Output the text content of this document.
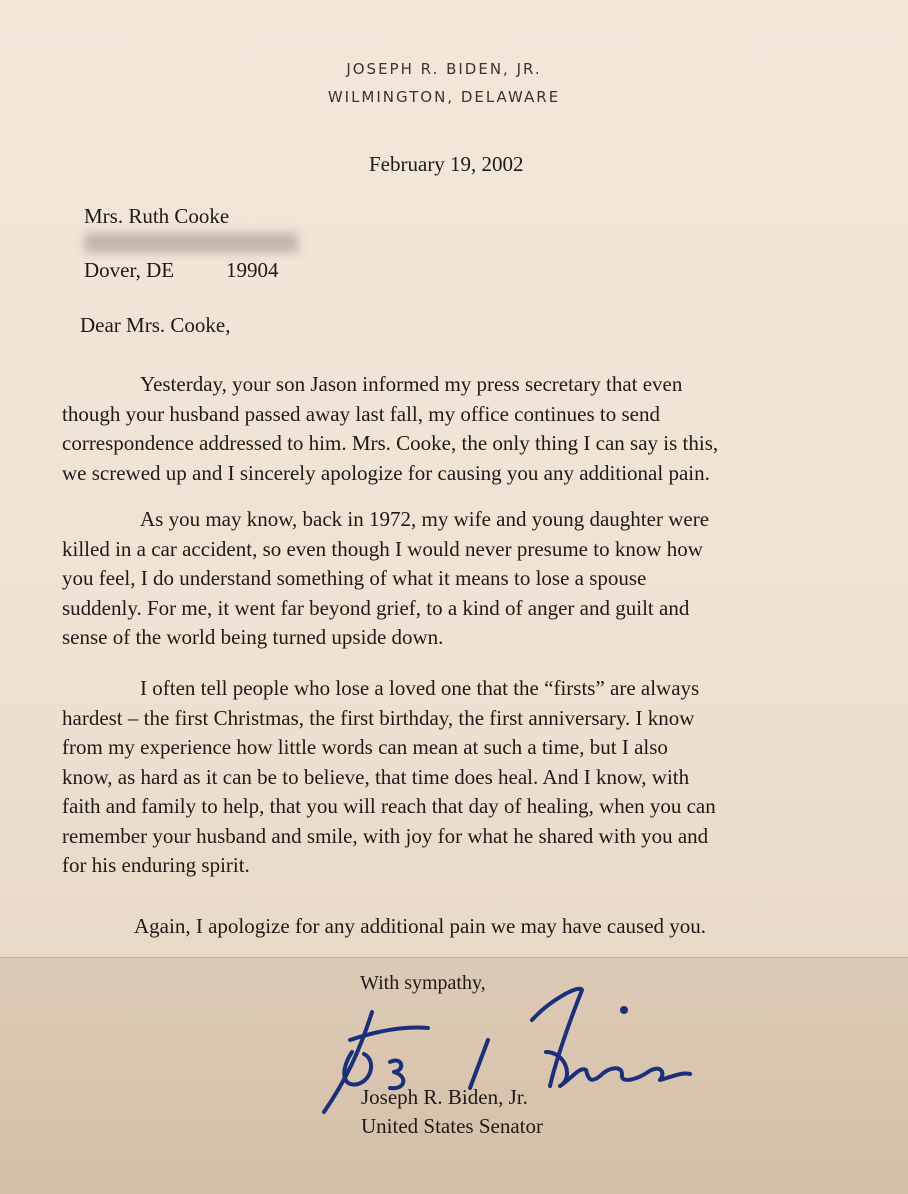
JOSEPH R. BIDEN, JR.
WILMINGTON, DELAWARE
February 19, 2002
Mrs. Ruth Cooke
Dover, DE 19904
Dear Mrs. Cooke,
Yesterday, your son Jason informed my press secretary that even
though your husband passed away last fall, my office continues to send
correspondence addressed to him. Mrs. Cooke, the only thing I can say is this,
we screwed up and I sincerely apologize for causing you any additional pain.
As you may know, back in 1972, my wife and young daughter were
killed in a car accident, so even though I would never presume to know how
you feel, I do understand something of what it means to lose a spouse
suddenly. For me, it went far beyond grief, to a kind of anger and guilt and
sense of the world being turned upside down.
I often tell people who lose a loved one that the “firsts” are always
hardest – the first Christmas, the first birthday, the first anniversary. I know
from my experience how little words can mean at such a time, but I also
know, as hard as it can be to believe, that time does heal. And I know, with
faith and family to help, that you will reach that day of healing, when you can
remember your husband and smile, with joy for what he shared with you and
for his enduring spirit.
Again, I apologize for any additional pain we may have caused you.
With sympathy,
Joseph R. Biden, Jr.
United States Senator
